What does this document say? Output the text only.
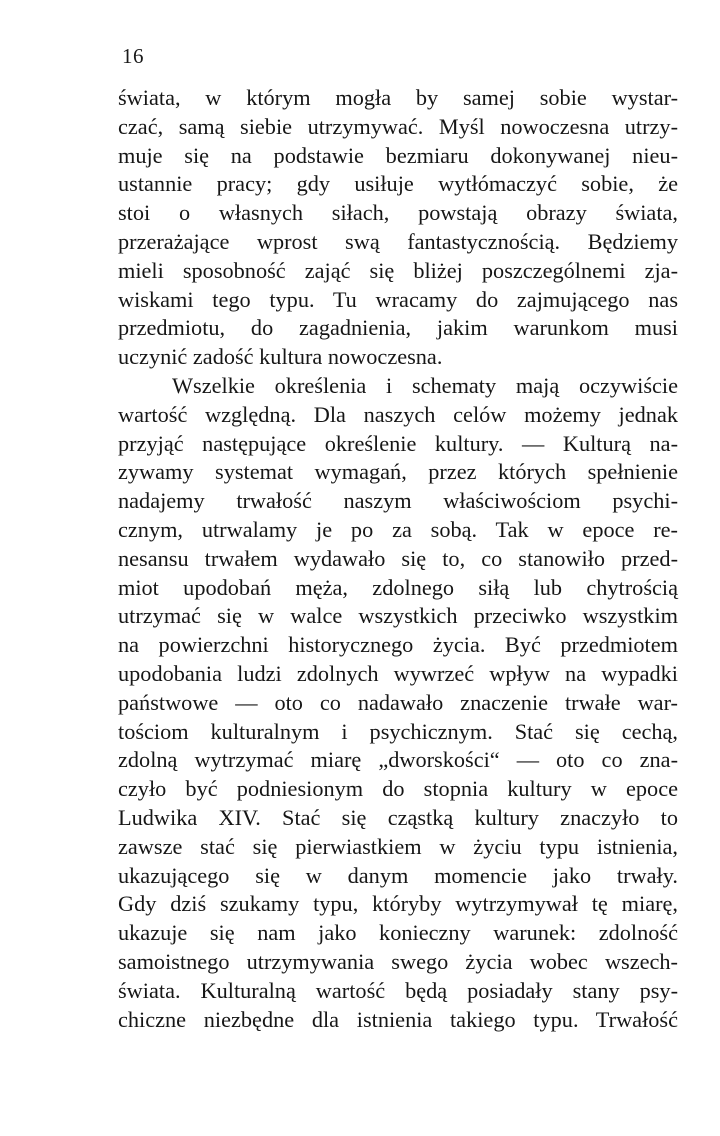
16
świata, w którym mogła by samej sobie wystar-
czać, samą siebie utrzymywać. Myśl nowoczesna utrzy-
muje się na podstawie bezmiaru dokonywanej nieu-
ustannie pracy; gdy usiłuje wytłómaczyć sobie, że
stoi o własnych siłach, powstają obrazy świata,
przerażające wprost swą fantastycznością. Będziemy
mieli sposobność zająć się bliżej poszczególnemi zja-
wiskami tego typu. Tu wracamy do zajmującego nas
przedmiotu, do zagadnienia, jakim warunkom musi
uczynić zadość kultura nowoczesna.
Wszelkie określenia i schematy mają oczywiście
wartość względną. Dla naszych celów możemy jednak
przyjąć następujące określenie kultury. — Kulturą na-
zywamy systemat wymagań, przez których spełnienie
nadajemy trwałość naszym właściwościom psychi-
cznym, utrwalamy je po za sobą. Tak w epoce re-
nesansu trwałem wydawało się to, co stanowiło przed-
miot upodobań męża, zdolnego siłą lub chytrością
utrzymać się w walce wszystkich przeciwko wszystkim
na powierzchni historycznego życia. Być przedmiotem
upodobania ludzi zdolnych wywrzeć wpływ na wypadki
państwowe — oto co nadawało znaczenie trwałe war-
tościom kulturalnym i psychicznym. Stać się cechą,
zdolną wytrzymać miarę „dworskości“ — oto co zna-
czyło być podniesionym do stopnia kultury w epoce
Ludwika XIV. Stać się cząstką kultury znaczyło to
zawsze stać się pierwiastkiem w życiu typu istnienia,
ukazującego się w danym momencie jako trwały.
Gdy dziś szukamy typu, któryby wytrzymywał tę miarę,
ukazuje się nam jako konieczny warunek: zdolność
samoistnego utrzymywania swego życia wobec wszech-
świata. Kulturalną wartość będą posiadały stany psy-
chiczne niezbędne dla istnienia takiego typu. Trwałość
